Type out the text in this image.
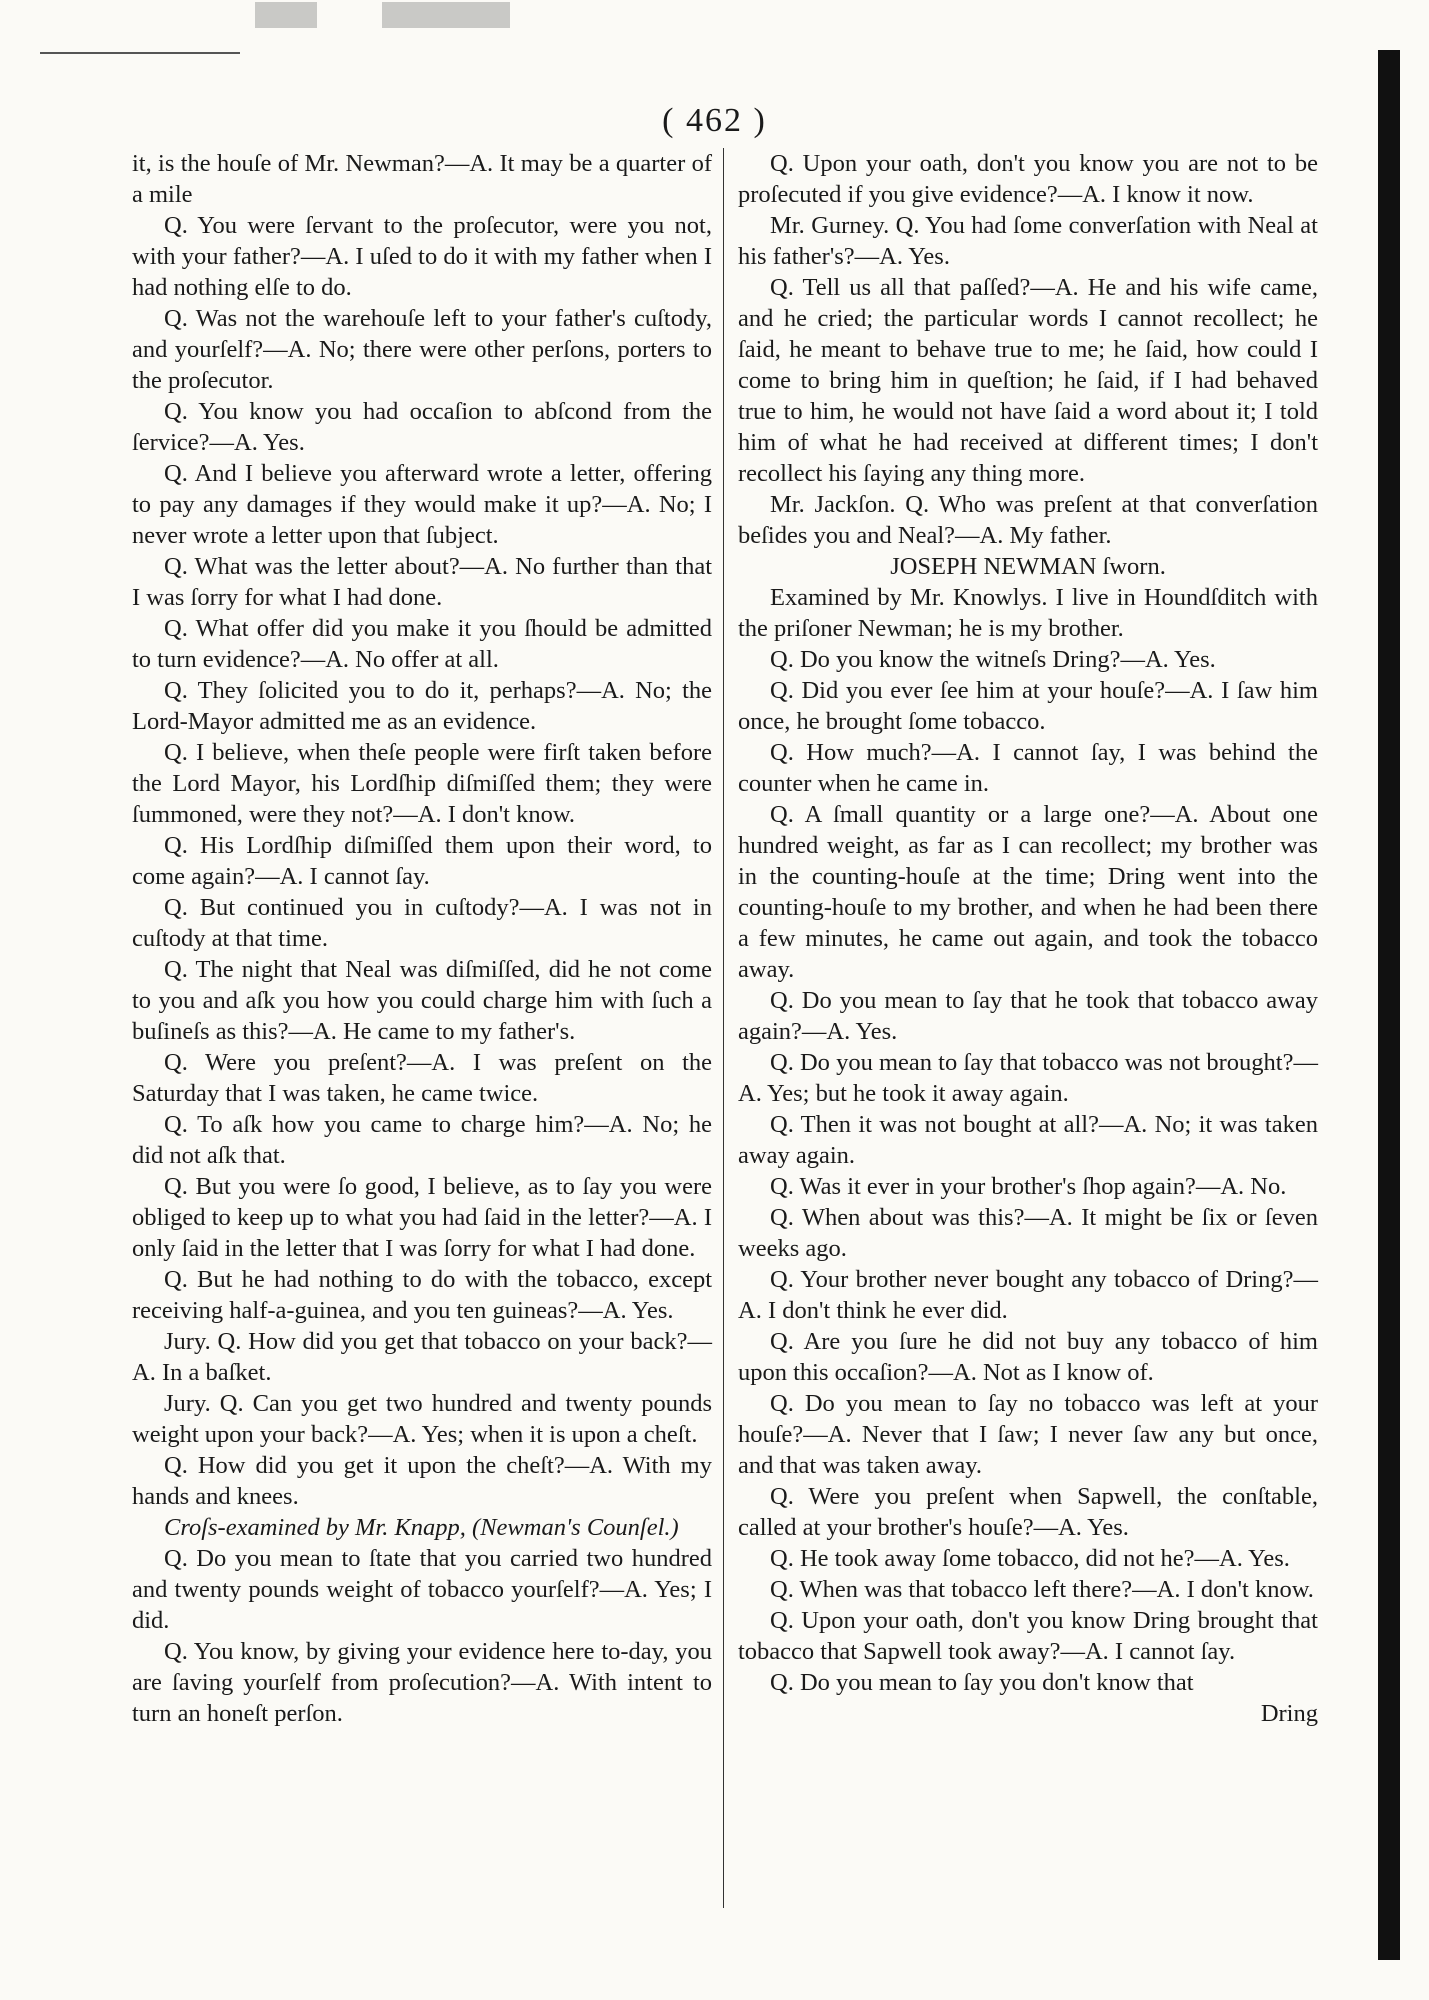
( 462 )

it, is the houſe of Mr. Newman?—A. It may be a quarter of a mile

Q. You were ſervant to the proſecutor, were you not, with your father?—A. I uſed to do it with my father when I had nothing elſe to do.

Q. Was not the warehouſe left to your father's cuſtody, and yourſelf?—A. No; there were other perſons, porters to the proſecutor.

Q. You know you had occaſion to abſcond from the ſervice?—A. Yes.

Q. And I believe you afterward wrote a letter, offering to pay any damages if they would make it up?—A. No; I never wrote a letter upon that ſubject.

Q. What was the letter about?—A. No further than that I was ſorry for what I had done.

Q. What offer did you make it you ſhould be admitted to turn evidence?—A. No offer at all.

Q. They ſolicited you to do it, perhaps?—A. No; the Lord-Mayor admitted me as an evidence.

Q. I believe, when theſe people were firſt taken before the Lord Mayor, his Lordſhip diſmiſſed them; they were ſummoned, were they not?—A. I don't know.

Q. His Lordſhip diſmiſſed them upon their word, to come again?—A. I cannot ſay.

Q. But continued you in cuſtody?—A. I was not in cuſtody at that time.

Q. The night that Neal was diſmiſſed, did he not come to you and aſk you how you could charge him with ſuch a buſineſs as this?—A. He came to my father's.

Q. Were you preſent?—A. I was preſent on the Saturday that I was taken, he came twice.

Q. To aſk how you came to charge him?—A. No; he did not aſk that.

Q. But you were ſo good, I believe, as to ſay you were obliged to keep up to what you had ſaid in the letter?—A. I only ſaid in the letter that I was ſorry for what I had done.

Q. But he had nothing to do with the tobacco, except receiving half-a-guinea, and you ten guineas?—A. Yes.

Jury. Q. How did you get that tobacco on your back?—A. In a baſket.

Jury. Q. Can you get two hundred and twenty pounds weight upon your back?—A. Yes; when it is upon a cheſt.

Q. How did you get it upon the cheſt?—A. With my hands and knees.

Croſs-examined by Mr. Knapp, (Newman's Counſel.)

Q. Do you mean to ſtate that you carried two hundred and twenty pounds weight of tobacco yourſelf?—A. Yes; I did.

Q. You know, by giving your evidence here to-day, you are ſaving yourſelf from proſecution?—A. With intent to turn an honeſt perſon.

Q. Upon your oath, don't you know you are not to be proſecuted if you give evidence?—A. I know it now.

Mr. Gurney. Q. You had ſome converſation with Neal at his father's?—A. Yes.

Q. Tell us all that paſſed?—A. He and his wife came, and he cried; the particular words I cannot recollect; he ſaid, he meant to behave true to me; he ſaid, how could I come to bring him in queſtion; he ſaid, if I had behaved true to him, he would not have ſaid a word about it; I told him of what he had received at different times; I don't recollect his ſaying any thing more.

Mr. Jackſon. Q. Who was preſent at that converſation beſides you and Neal?—A. My father.

JOSEPH NEWMAN ſworn.

Examined by Mr. Knowlys. I live in Houndſditch with the priſoner Newman; he is my brother.

Q. Do you know the witneſs Dring?—A. Yes.

Q. Did you ever ſee him at your houſe?—A. I ſaw him once, he brought ſome tobacco.

Q. How much?—A. I cannot ſay, I was behind the counter when he came in.

Q. A ſmall quantity or a large one?—A. About one hundred weight, as far as I can recollect; my brother was in the counting-houſe at the time; Dring went into the counting-houſe to my brother, and when he had been there a few minutes, he came out again, and took the tobacco away.

Q. Do you mean to ſay that he took that tobacco away again?—A. Yes.

Q. Do you mean to ſay that tobacco was not brought?—A. Yes; but he took it away again.

Q. Then it was not bought at all?—A. No; it was taken away again.

Q. Was it ever in your brother's ſhop again?—A. No.

Q. When about was this?—A. It might be ſix or ſeven weeks ago.

Q. Your brother never bought any tobacco of Dring?—A. I don't think he ever did.

Q. Are you ſure he did not buy any tobacco of him upon this occaſion?—A. Not as I know of.

Q. Do you mean to ſay no tobacco was left at your houſe?—A. Never that I ſaw; I never ſaw any but once, and that was taken away.

Q. Were you preſent when Sapwell, the conſtable, called at your brother's houſe?—A. Yes.

Q. He took away ſome tobacco, did not he?—A. Yes.

Q. When was that tobacco left there?—A. I don't know.

Q. Upon your oath, don't you know Dring brought that tobacco that Sapwell took away?—A. I cannot ſay.

Q. Do you mean to ſay you don't know that

Dring
